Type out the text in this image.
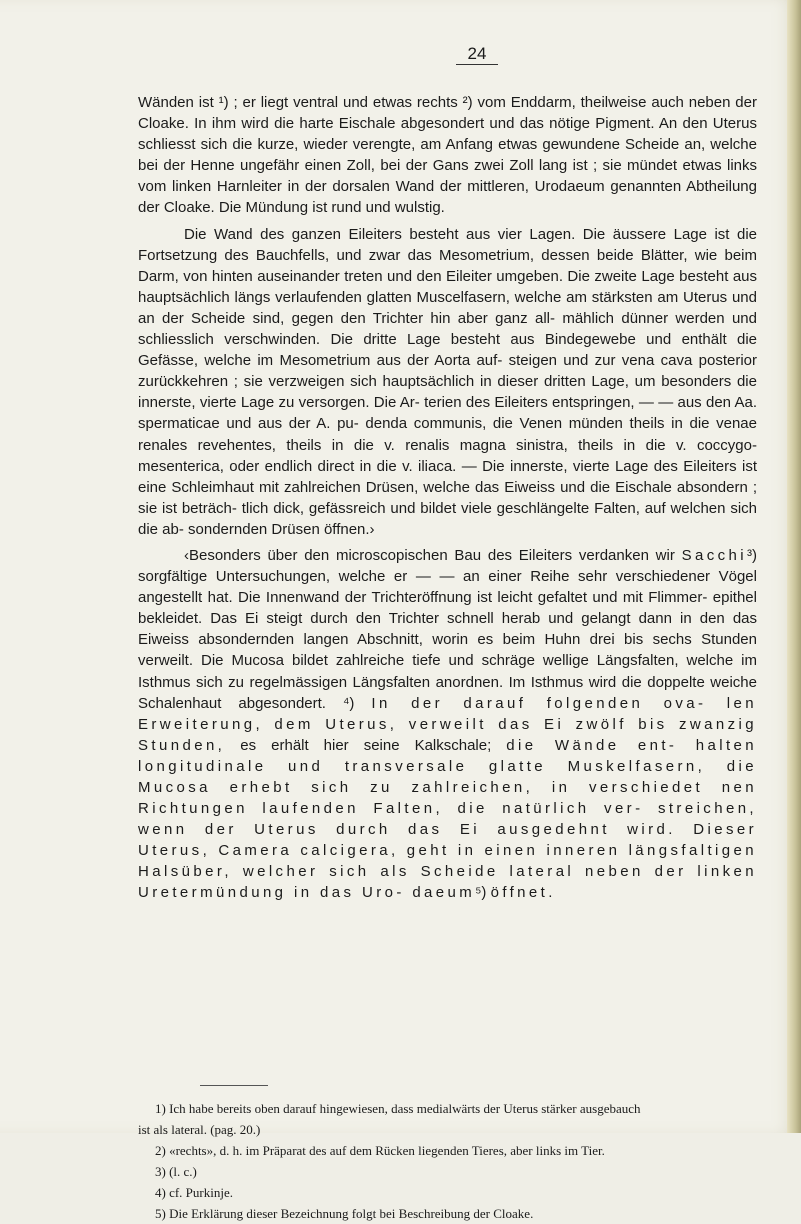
24

Wänden ist ¹) ; er liegt ventral und etwas rechts ²) vom Enddarm, theilweise auch neben der Cloake. In ihm wird die harte Eischale abgesondert und das nötige Pigment. An den Uterus schliesst sich die kurze, wieder verengte, am Anfang etwas gewundene Scheide an, welche bei der Henne ungefähr einen Zoll, bei der Gans zwei Zoll lang ist ; sie mündet etwas links vom linken Harnleiter in der dorsalen Wand der mittleren, Urodaeum genannten Abtheilung der Cloake. Die Mündung ist rund und wulstig.

Die Wand des ganzen Eileiters besteht aus vier Lagen. Die äussere Lage ist die Fortsetzung des Bauchfells, und zwar das Mesometrium, dessen beide Blätter, wie beim Darm, von hinten auseinander treten und den Eileiter umgeben. Die zweite Lage besteht aus hauptsächlich längs verlaufenden glatten Muscelfasern, welche am stärksten am Uterus und an der Scheide sind, gegen den Trichter hin aber ganz all- mählich dünner werden und schliesslich verschwinden. Die dritte Lage besteht aus Bindegewebe und enthält die Gefässe, welche im Mesometrium aus der Aorta auf- steigen und zur vena cava posterior zurückkehren ; sie verzweigen sich hauptsächlich in dieser dritten Lage, um besonders die innerste, vierte Lage zu versorgen. Die Ar- terien des Eileiters entspringen, — — aus den Aa. spermaticae und aus der A. pu- denda communis, die Venen münden theils in die venae renales revehentes, theils in die v. renalis magna sinistra, theils in die v. coccygo-mesenterica, oder endlich direct in die v. iliaca. — Die innerste, vierte Lage des Eileiters ist eine Schleimhaut mit zahlreichen Drüsen, welche das Eiweiss und die Eischale absondern ; sie ist beträch- tlich dick, gefässreich und bildet viele geschlängelte Falten, auf welchen sich die ab- sondernden Drüsen öffnen.›

‹Besonders über den microscopischen Bau des Eileiters verdanken wir Sacchi³) sorgfältige Untersuchungen, welche er — — an einer Reihe sehr verschiedener Vögel angestellt hat. Die Innenwand der Trichteröffnung ist leicht gefaltet und mit Flimmer- epithel bekleidet. Das Ei steigt durch den Trichter schnell herab und gelangt dann in den das Eiweiss absondernden langen Abschnitt, worin es beim Huhn drei bis sechs Stunden verweilt. Die Mucosa bildet zahlreiche tiefe und schräge wellige Längsfalten, welche im Isthmus sich zu regelmässigen Längsfalten anordnen. Im Isthmus wird die doppelte weiche Schalenhaut abgesondert. ⁴) In der darauf folgenden ova- len Erweiterung, dem Uterus, verweilt das Ei zwölf bis zwanzig Stunden, es erhält hier seine Kalkschale; die Wände ent- halten longitudinale und transversale glatte Muskelfasern, die Mucosa erhebt sich zu zahlreichen, in verschiedet nen Richtungen laufenden Falten, die natürlich ver- streichen, wenn der Uterus durch das Ei ausgedehnt wird. Dieser Uterus, Camera calcigera, geht in einen inneren längsfaltigen Halsüber, welcher sich als Scheide lateral neben der linken Uretermündung in das Uro- daeum⁵) öffnet.

1) Ich habe bereits oben darauf hingewiesen, dass medialwärts der Uterus stärker ausgebauch

ist als lateral. (pag. 20.)

2) «rechts», d. h. im Präparat des auf dem Rücken liegenden Tieres, aber links im Tier.

3) (l. c.)

4) cf. Purkinje.

5) Die Erklärung dieser Bezeichnung folgt bei Beschreibung der Cloake.
